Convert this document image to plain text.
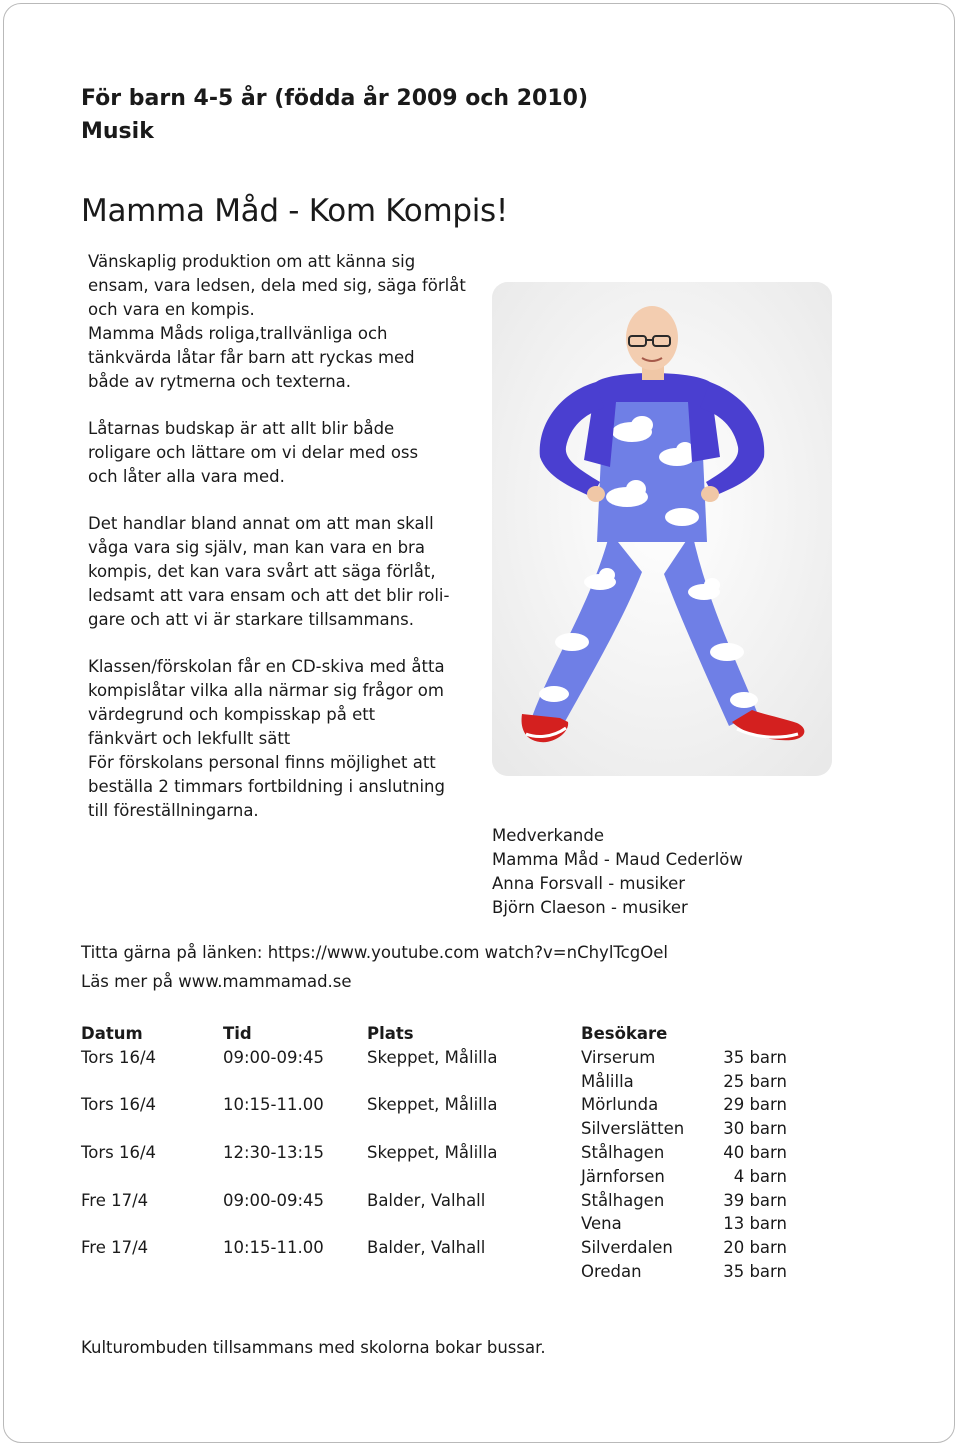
För barn 4-5 år (födda år 2009 och 2010)
Musik
Mamma Måd - Kom Kompis!

Vänskaplig produktion om att känna sig

ensam, vara ledsen, dela med sig, säga förlåt

och vara en kompis.

Mamma Måds roliga,trallvänliga och

tänkvärda låtar får barn att ryckas med

både av rytmerna och texterna.

Låtarnas budskap är att allt blir både

roligare och lättare om vi delar med oss

och låter alla vara med.

Det handlar bland annat om att man skall

våga vara sig själv, man kan vara en bra

kompis, det kan vara svårt att säga förlåt,

ledsamt att vara ensam och att det blir roli-

gare och att vi är starkare tillsammans.

Klassen/förskolan får en CD-skiva med åtta

kompislåtar vilka alla närmar sig frågor om

värdegrund och kompisskap på ett

fänkvärt och lekfullt sätt

För förskolans personal finns möjlighet att

beställa 2 timmars fortbildning i anslutning

till föreställningarna.

Medverkande
Mamma Måd - Maud Cederlöw
Anna Forsvall - musiker
Björn Claeson - musiker
Titta gärna på länken: https://www.youtube.com watch?v=nChylTcgOel
Läs mer på www.mammamad.se
Datum	Tid	Plats	Besökare	
Tors 16/4	09:00-09:45	Skeppet, Målilla	Virserum	35 barn
			Målilla	25 barn
Tors 16/4	10:15-11.00	Skeppet, Målilla	Mörlunda	29 barn
			Silverslätten	30 barn
Tors 16/4	12:30-13:15	Skeppet, Målilla	Stålhagen	40 barn
			Järnforsen	4 barn
Fre 17/4	09:00-09:45	Balder, Valhall	Stålhagen	39 barn
			Vena	13 barn
Fre 17/4	10:15-11.00	Balder, Valhall	Silverdalen	20 barn
			Oredan	35 barn
Kulturombuden tillsammans med skolorna bokar bussar.
